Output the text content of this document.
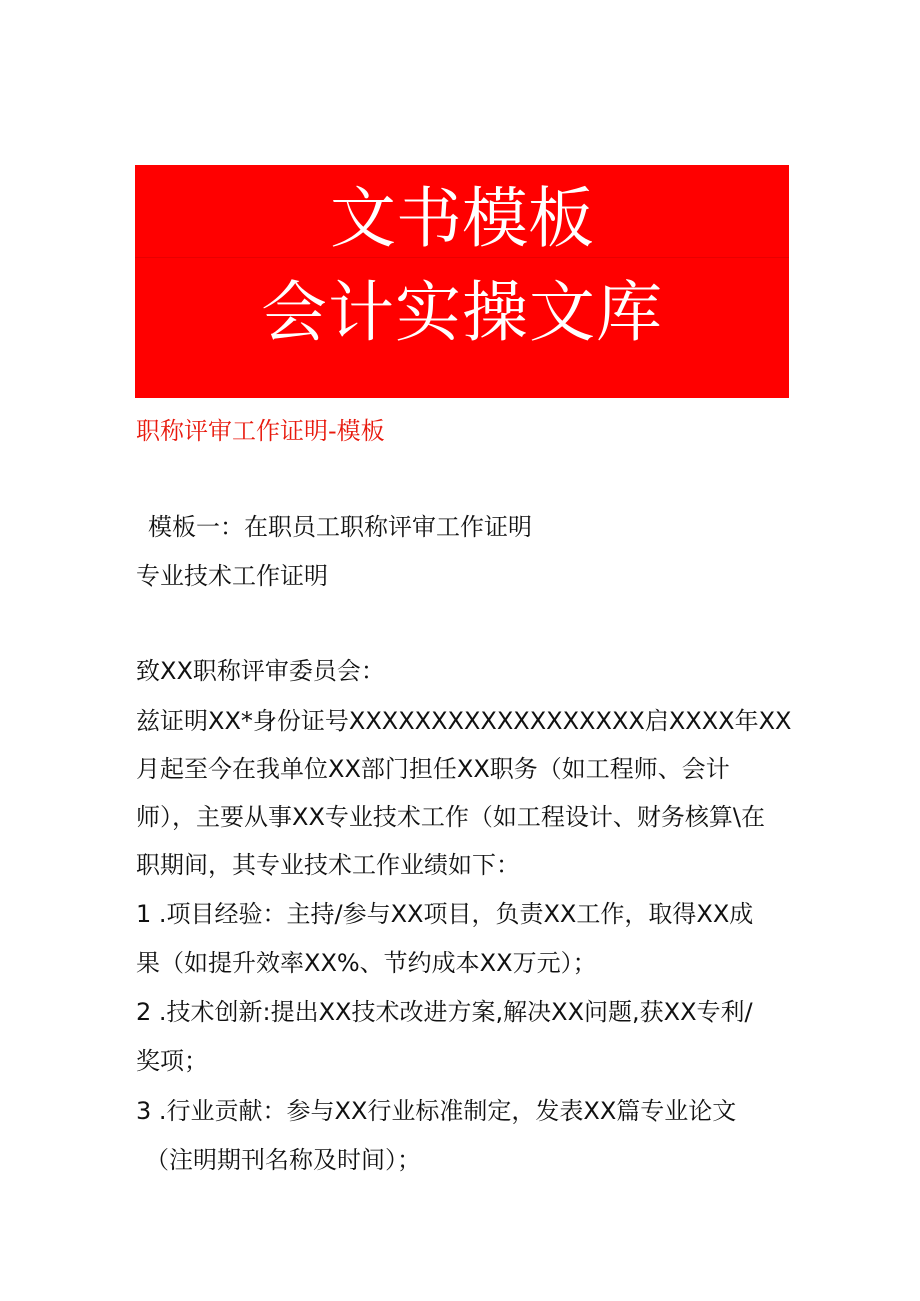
文书模板
会计实操文库
职称评审工作证明-模板
模板一：在职员工职称评审工作证明
专业技术工作证明
致XX职称评审委员会：
兹证明XX*身份证号XXXXXXXXXXXXXXXXXX启XXXX年XX
月起至今在我单位XX部门担任XX职务（如工程师、会计
师），主要从事XX专业技术工作（如工程设计、财务核算\在
职期间，其专业技术工作业绩如下：
1 .项目经验：主持/参与XX项目，负责XX工作，取得XX成
果（如提升效率XX%、节约成本XX万元）；
2 .技术创新:提出XX技术改进方案,解决XX问题,获XX专利/
奖项；
3 .行业贡献：参与XX行业标准制定，发表XX篇专业论文
（注明期刊名称及时间）；
